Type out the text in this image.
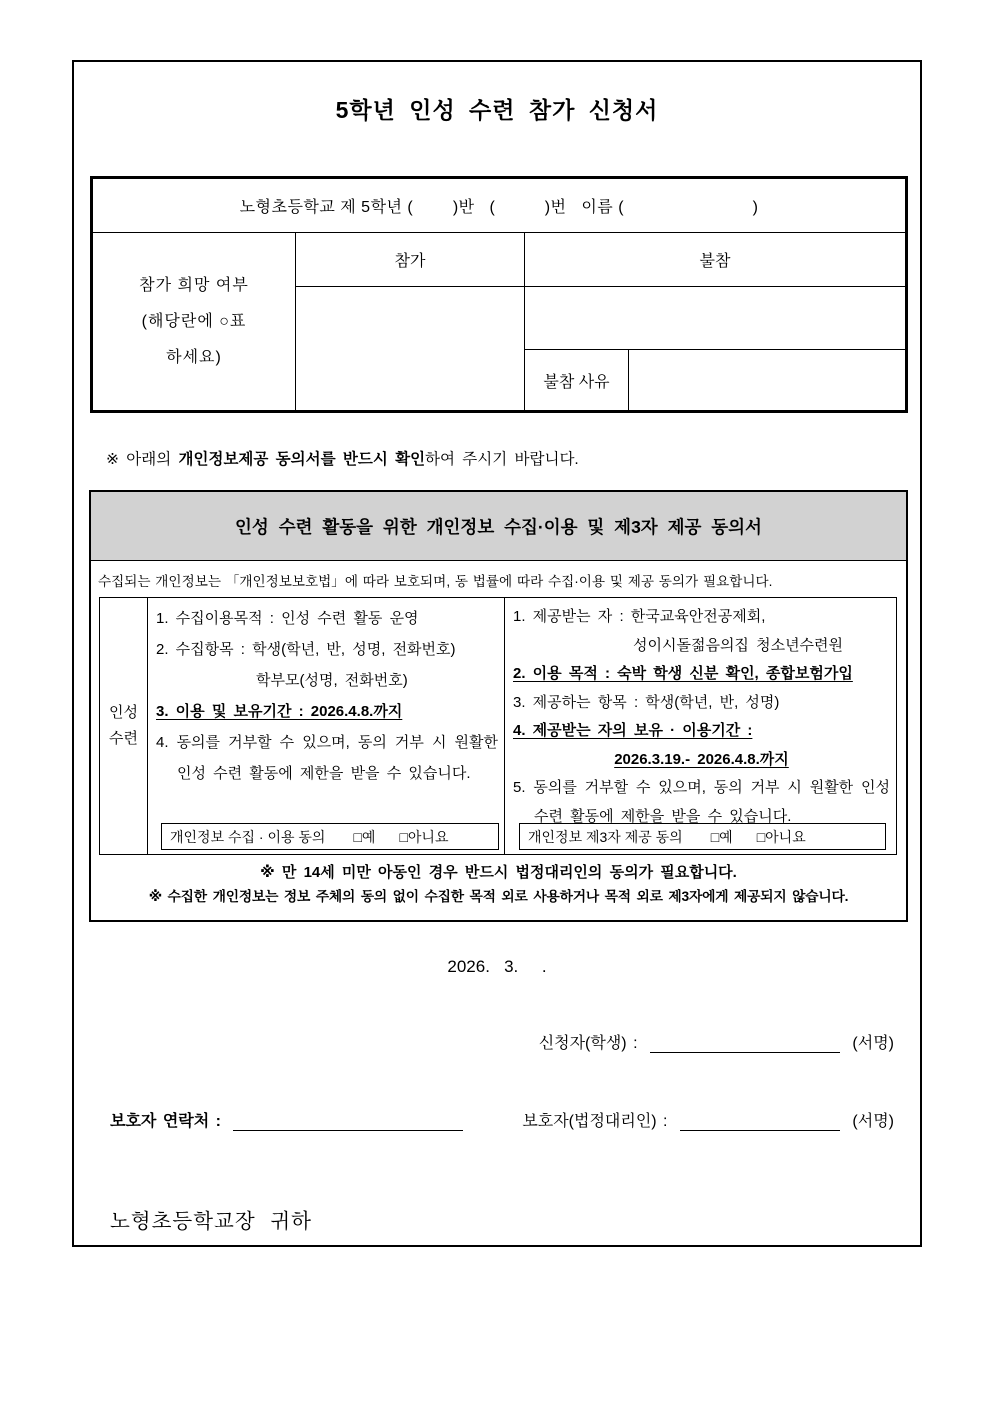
5학년 인성 수련 참가 신청서
노형초등학교 제 5학년 (        )반   (          )번   이름 (                          )			

참가 희망 여부
(해당란에 ○표
하세요)	참가	불참	

		불참 사유	
※ 아래의 개인정보제공 동의서를 반드시 확인하여 주시기 바랍니다.
인성 수련 활동을 위한 개인정보 수집·이용 및 제3자 제공 동의서
수집되는 개인정보는 「개인정보보호법」에 따라 보호되며, 동 법률에 따라 수집·이용 및 제공 동의가 필요합니다.
인성
수련
1. 수집이용목적 : 인성 수련 활동 운영
2. 수집항목 : 학생(학년, 반, 성명, 전화번호)
학부모(성명, 전화번호)
3. 이용 및 보유기간 : 2026.4.8.까지
4. 동의를 거부할 수 있으며, 동의 거부 시 원활한 인성 수련 활동에 제한을 받을 수 있습니다.
개인정보 수집 · 이용 동의 □예 □아니요
1. 제공받는 자 : 한국교육안전공제회,
성이시돌젊음의집 청소년수련원
2. 이용 목적 : 숙박 학생 신분 확인, 종합보험가입
3. 제공하는 항목 : 학생(학년, 반, 성명)
4. 제공받는 자의 보유 · 이용기간 :
2026.3.19.- 2026.4.8.까지
5. 동의를 거부할 수 있으며, 동의 거부 시 원활한 인성 수련 활동에 제한을 받을 수 있습니다.
개인정보 제3자 제공 동의 □예 □아니요
※ 만 14세 미만 아동인 경우 반드시 법정대리인의 동의가 필요합니다.
※ 수집한 개인정보는 정보 주체의 동의 없이 수집한 목적 외로 사용하거나 목적 외로 제3자에게 제공되지 않습니다.
2026.   3.     .
신청자(학생) :	(서명)
보호자 연락처 :	보호자(법정대리인) :	(서명)
노형초등학교장 귀하
